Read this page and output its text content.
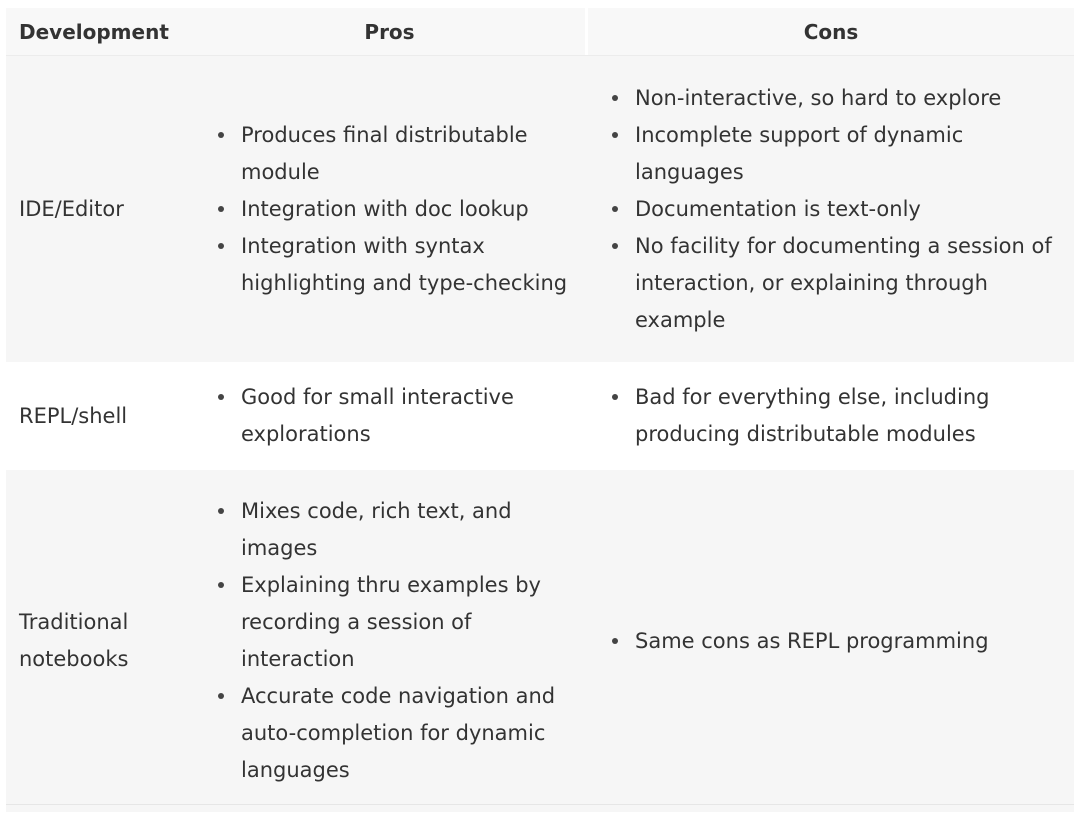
Development	Pros	Cons
IDE/Editor
Produces final distributable module
Integration with doc lookup
Integration with syntax highlighting and type-checking
Non-interactive, so hard to explore
Incomplete support of dynamic languages
Documentation is text-only
No facility for documenting a session of interaction, or explaining through example
REPL/shell
Good for small interactive explorations
Bad for everything else, including producing distributable modules
Traditional notebooks
Mixes code, rich text, and images
Explaining thru examples by recording a session of interaction
Accurate code navigation and auto-completion for dynamic languages
Same cons as REPL programming
